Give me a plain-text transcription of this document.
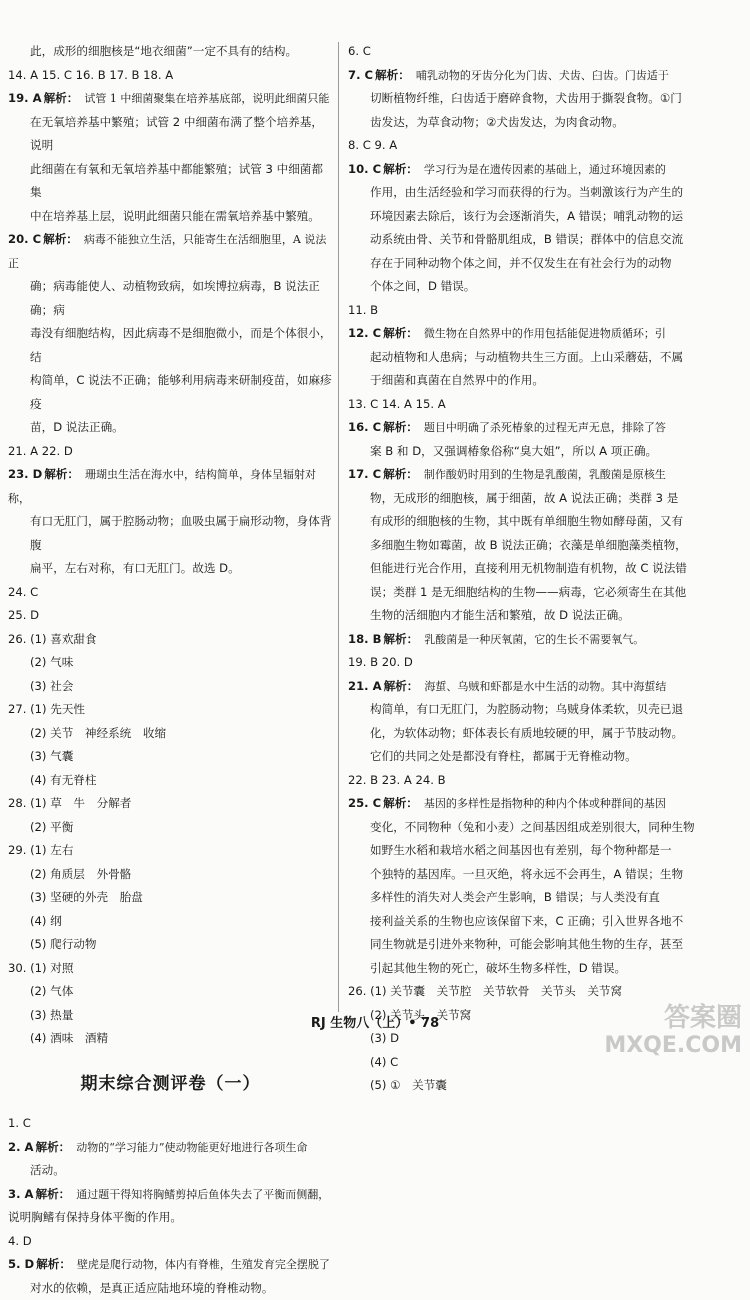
此，成形的细胞核是“地衣细菌”一定不具有的结构。
14. A 15. C 16. B 17. B 18. A
19. A 解析： 试管 1 中细菌聚集在培养基底部，说明此细菌只能
在无氧培养基中繁殖；试管 2 中细菌布满了整个培养基，说明
此细菌在有氧和无氧培养基中都能繁殖；试管 3 中细菌都集
中在培养基上层，说明此细菌只能在需氧培养基中繁殖。
20. C 解析： 病毒不能独立生活，只能寄生在活细胞里，A 说法正
确；病毒能使人、动植物致病，如埃博拉病毒，B 说法正确；病
毒没有细胞结构，因此病毒不是细胞微小，而是个体很小，结
构简单，C 说法不正确；能够利用病毒来研制疫苗，如麻疹疫
苗，D 说法正确。
21. A 22. D
23. D 解析： 珊瑚虫生活在海水中，结构简单，身体呈辐射对称，
有口无肛门，属于腔肠动物；血吸虫属于扁形动物，身体背腹
扁平，左右对称，有口无肛门。故选 D。
24. C
25. D
26. (1) 喜欢甜食
(2) 气味
(3) 社会
27. (1) 先天性
(2) 关节　神经系统　收缩
(3) 气囊
(4) 有无脊柱
28. (1) 草　牛　分解者
(2) 平衡
29. (1) 左右
(2) 角质层　外骨骼
(3) 坚硬的外壳　胎盘
(4) 纲
(5) 爬行动物
30. (1) 对照
(2) 气体
(3) 热量
(4) 酒味　酒精
期末综合测评卷（一）
1. C
2. A 解析： 动物的“学习能力”使动物能更好地进行各项生命
活动。
3. A 解析： 通过题干得知将胸鳍剪掉后鱼体失去了平衡而侧翻，
说明胸鳍有保持身体平衡的作用。
4. D
5. D 解析： 壁虎是爬行动物，体内有脊椎，生殖发育完全摆脱了
对水的依赖，是真正适应陆地环境的脊椎动物。
6. C
7. C 解析： 哺乳动物的牙齿分化为门齿、犬齿、臼齿。门齿适于
切断植物纤维，臼齿适于磨碎食物，犬齿用于撕裂食物。①门
齿发达，为草食动物；②犬齿发达，为肉食动物。
8. C 9. A
10. C 解析： 学习行为是在遗传因素的基础上，通过环境因素的
作用，由生活经验和学习而获得的行为。当刺激该行为产生的
环境因素去除后，该行为会逐渐消失，A 错误；哺乳动物的运
动系统由骨、关节和骨骼肌组成，B 错误；群体中的信息交流
存在于同种动物个体之间，并不仅发生在有社会行为的动物
个体之间，D 错误。
11. B
12. C 解析： 微生物在自然界中的作用包括能促进物质循环；引
起动植物和人患病；与动植物共生三方面。上山采蘑菇，不属
于细菌和真菌在自然界中的作用。
13. C 14. A 15. A
16. C 解析： 题目中明确了杀死椿象的过程无声无息，排除了答
案 B 和 D，又强调椿象俗称“臭大姐”，所以 A 项正确。
17. C 解析： 制作酸奶时用到的生物是乳酸菌，乳酸菌是原核生
物，无成形的细胞核，属于细菌，故 A 说法正确；类群 3 是
有成形的细胞核的生物，其中既有单细胞生物如酵母菌，又有
多细胞生物如霉菌，故 B 说法正确；衣藻是单细胞藻类植物，
但能进行光合作用，直接利用无机物制造有机物，故 C 说法错
误；类群 1 是无细胞结构的生物——病毒，它必须寄生在其他
生物的活细胞内才能生活和繁殖，故 D 说法正确。
18. B 解析： 乳酸菌是一种厌氧菌，它的生长不需要氧气。
19. B 20. D
21. A 解析： 海蜇、乌贼和虾都是水中生活的动物。其中海蜇结
构简单，有口无肛门，为腔肠动物；乌贼身体柔软，贝壳已退
化，为软体动物；虾体表长有质地较硬的甲，属于节肢动物。
它们的共同之处是都没有脊柱，都属于无脊椎动物。
22. B 23. A 24. B
25. C 解析： 基因的多样性是指物种的种内个体或种群间的基因
变化，不同物种（兔和小麦）之间基因组成差别很大，同种生物
如野生水稻和栽培水稻之间基因也有差别，每个物种都是一
个独特的基因库。一旦灭绝，将永远不会再生，A 错误；生物
多样性的消失对人类会产生影响，B 错误；与人类没有直
接利益关系的生物也应该保留下来，C 正确；引入世界各地不
同生物就是引进外来物种，可能会影响其他生物的生存，甚至
引起其他生物的死亡，破坏生物多样性，D 错误。
26. (1) 关节囊　关节腔　关节软骨　关节头　关节窝
(2) 关节头　关节窝
(3) D
(4) C
(5) ①　关节囊
RJ 生物八（上）• 78	答案圈
MXQE.COM
